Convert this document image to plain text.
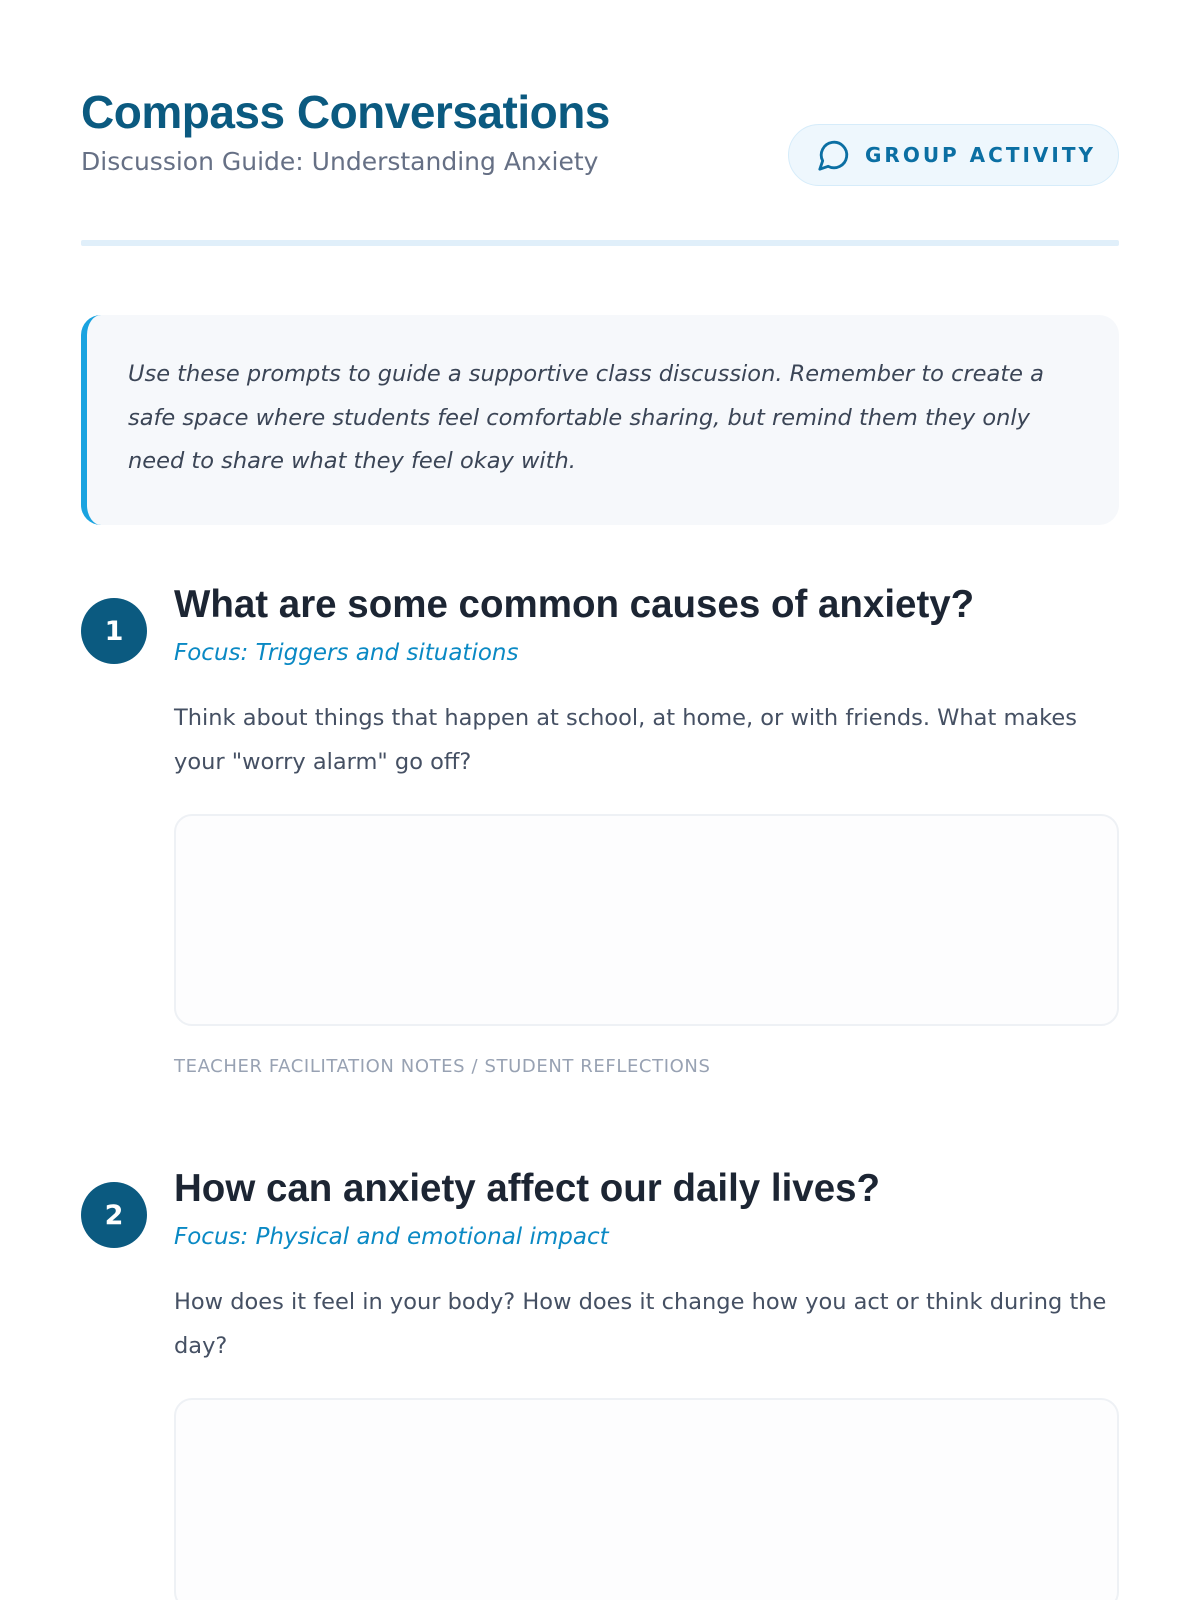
Compass Conversations
Discussion Guide: Understanding Anxiety	GROUP ACTIVITY

Use these prompts to guide a supportive class discussion. Remember to create a safe space where students feel comfortable sharing, but remind them they only need to share what they feel okay with.

1
What are some common causes of anxiety?
Focus: Triggers and situations

Think about things that happen at school, at home, or with friends. What makes your "worry alarm" go off?

TEACHER FACILITATION NOTES / STUDENT REFLECTIONS
2
How can anxiety affect our daily lives?
Focus: Physical and emotional impact

How does it feel in your body? How does it change how you act or think during the day?
